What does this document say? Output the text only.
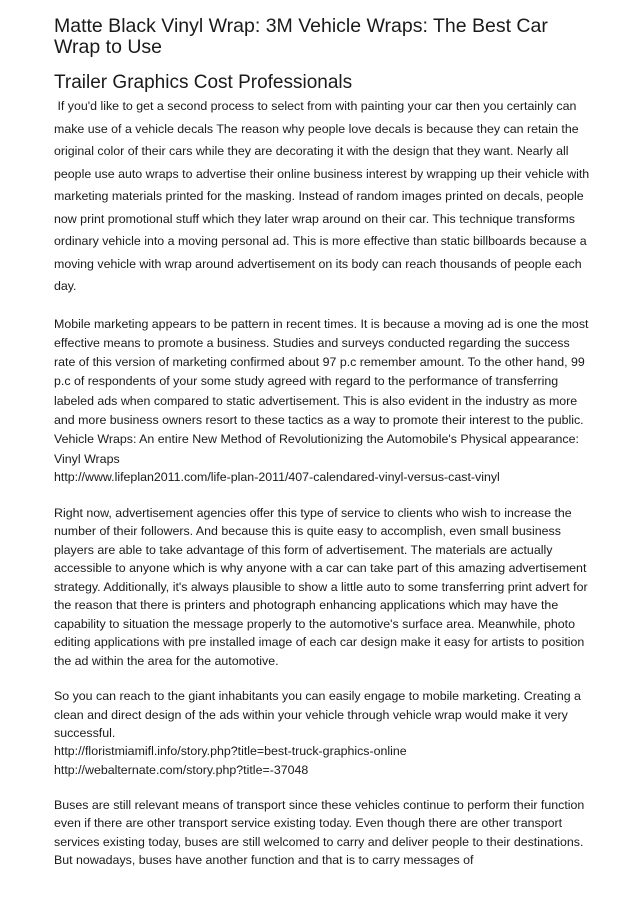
Matte Black Vinyl Wrap: 3M Vehicle Wraps: The Best Car Wrap to Use
Trailer Graphics Cost Professionals

If you'd like to get a second process to select from with painting your car then you certainly can make use of a vehicle decals The reason why people love decals is because they can retain the original color of their cars while they are decorating it with the design that they want. Nearly all people use auto wraps to advertise their online business interest by wrapping up their vehicle with marketing materials printed for the masking. Instead of random images printed on decals, people now print promotional stuff which they later wrap around on their car. This technique transforms ordinary vehicle into a moving personal ad. This is more effective than static billboards because a moving vehicle with wrap around advertisement on its body can reach thousands of people each day.

Mobile marketing appears to be pattern in recent times. It is because a moving ad is one the most effective means to promote a business. Studies and surveys conducted regarding the success rate of this version of marketing confirmed about 97 p.c remember amount. To the other hand, 99 p.c of respondents of your some study agreed with regard to the performance of transferring labeled ads when compared to static advertisement. This is also evident in the industry as more and more business owners resort to these tactics as a way to promote their interest to the public.

Vehicle Wraps: An entire New Method of Revolutionizing the Automobile's Physical appearance: Vinyl Wraps

http://www.lifeplan2011.com/life-plan-2011/407-calendared-vinyl-versus-cast-vinyl

Right now, advertisement agencies offer this type of service to clients who wish to increase the number of their followers. And because this is quite easy to accomplish, even small business players are able to take advantage of this form of advertisement. The materials are actually accessible to anyone which is why anyone with a car can take part of this amazing advertisement strategy. Additionally, it's always plausible to show a little auto to some transferring print advert for the reason that there is printers and photograph enhancing applications which may have the capability to situation the message properly to the automotive's surface area. Meanwhile, photo editing applications with pre installed image of each car design make it easy for artists to position the ad within the area for the automotive.

So you can reach to the giant inhabitants you can easily engage to mobile marketing. Creating a clean and direct design of the ads within your vehicle through vehicle wrap would make it very successful.

http://floristmiamifl.info/story.php?title=best-truck-graphics-online
http://webalternate.com/story.php?title=-37048

Buses are still relevant means of transport since these vehicles continue to perform their function even if there are other transport service existing today. Even though there are other transport services existing today, buses are still welcomed to carry and deliver people to their destinations. But nowadays, buses have another function and that is to carry messages of
